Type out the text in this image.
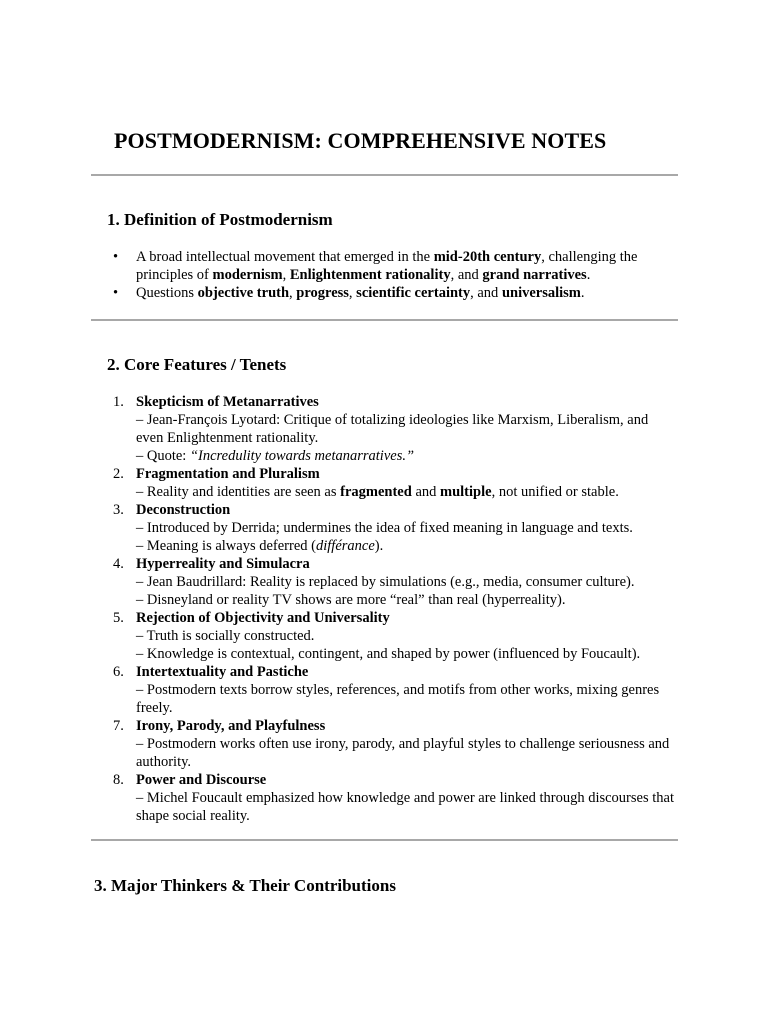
POSTMODERNISM: COMPREHENSIVE NOTES
1. Definition of Postmodernism
• A broad intellectual movement that emerged in the mid-20th century, challenging the principles of modernism, Enlightenment rationality, and grand narratives.
• Questions objective truth, progress, scientific certainty, and universalism.
2. Core Features / Tenets
1. Skepticism of Metanarratives
– Jean-François Lyotard: Critique of totalizing ideologies like Marxism, Liberalism, and even Enlightenment rationality.
– Quote: “Incredulity towards metanarratives.”
2. Fragmentation and Pluralism
– Reality and identities are seen as fragmented and multiple, not unified or stable.
3. Deconstruction
– Introduced by Derrida; undermines the idea of fixed meaning in language and texts.
– Meaning is always deferred (différance).
4. Hyperreality and Simulacra
– Jean Baudrillard: Reality is replaced by simulations (e.g., media, consumer culture).
– Disneyland or reality TV shows are more “real” than real (hyperreality).
5. Rejection of Objectivity and Universality
– Truth is socially constructed.
– Knowledge is contextual, contingent, and shaped by power (influenced by Foucault).
6. Intertextuality and Pastiche
– Postmodern texts borrow styles, references, and motifs from other works, mixing genres freely.
7. Irony, Parody, and Playfulness
– Postmodern works often use irony, parody, and playful styles to challenge seriousness and authority.
8. Power and Discourse
– Michel Foucault emphasized how knowledge and power are linked through discourses that shape social reality.
3. Major Thinkers & Their Contributions
